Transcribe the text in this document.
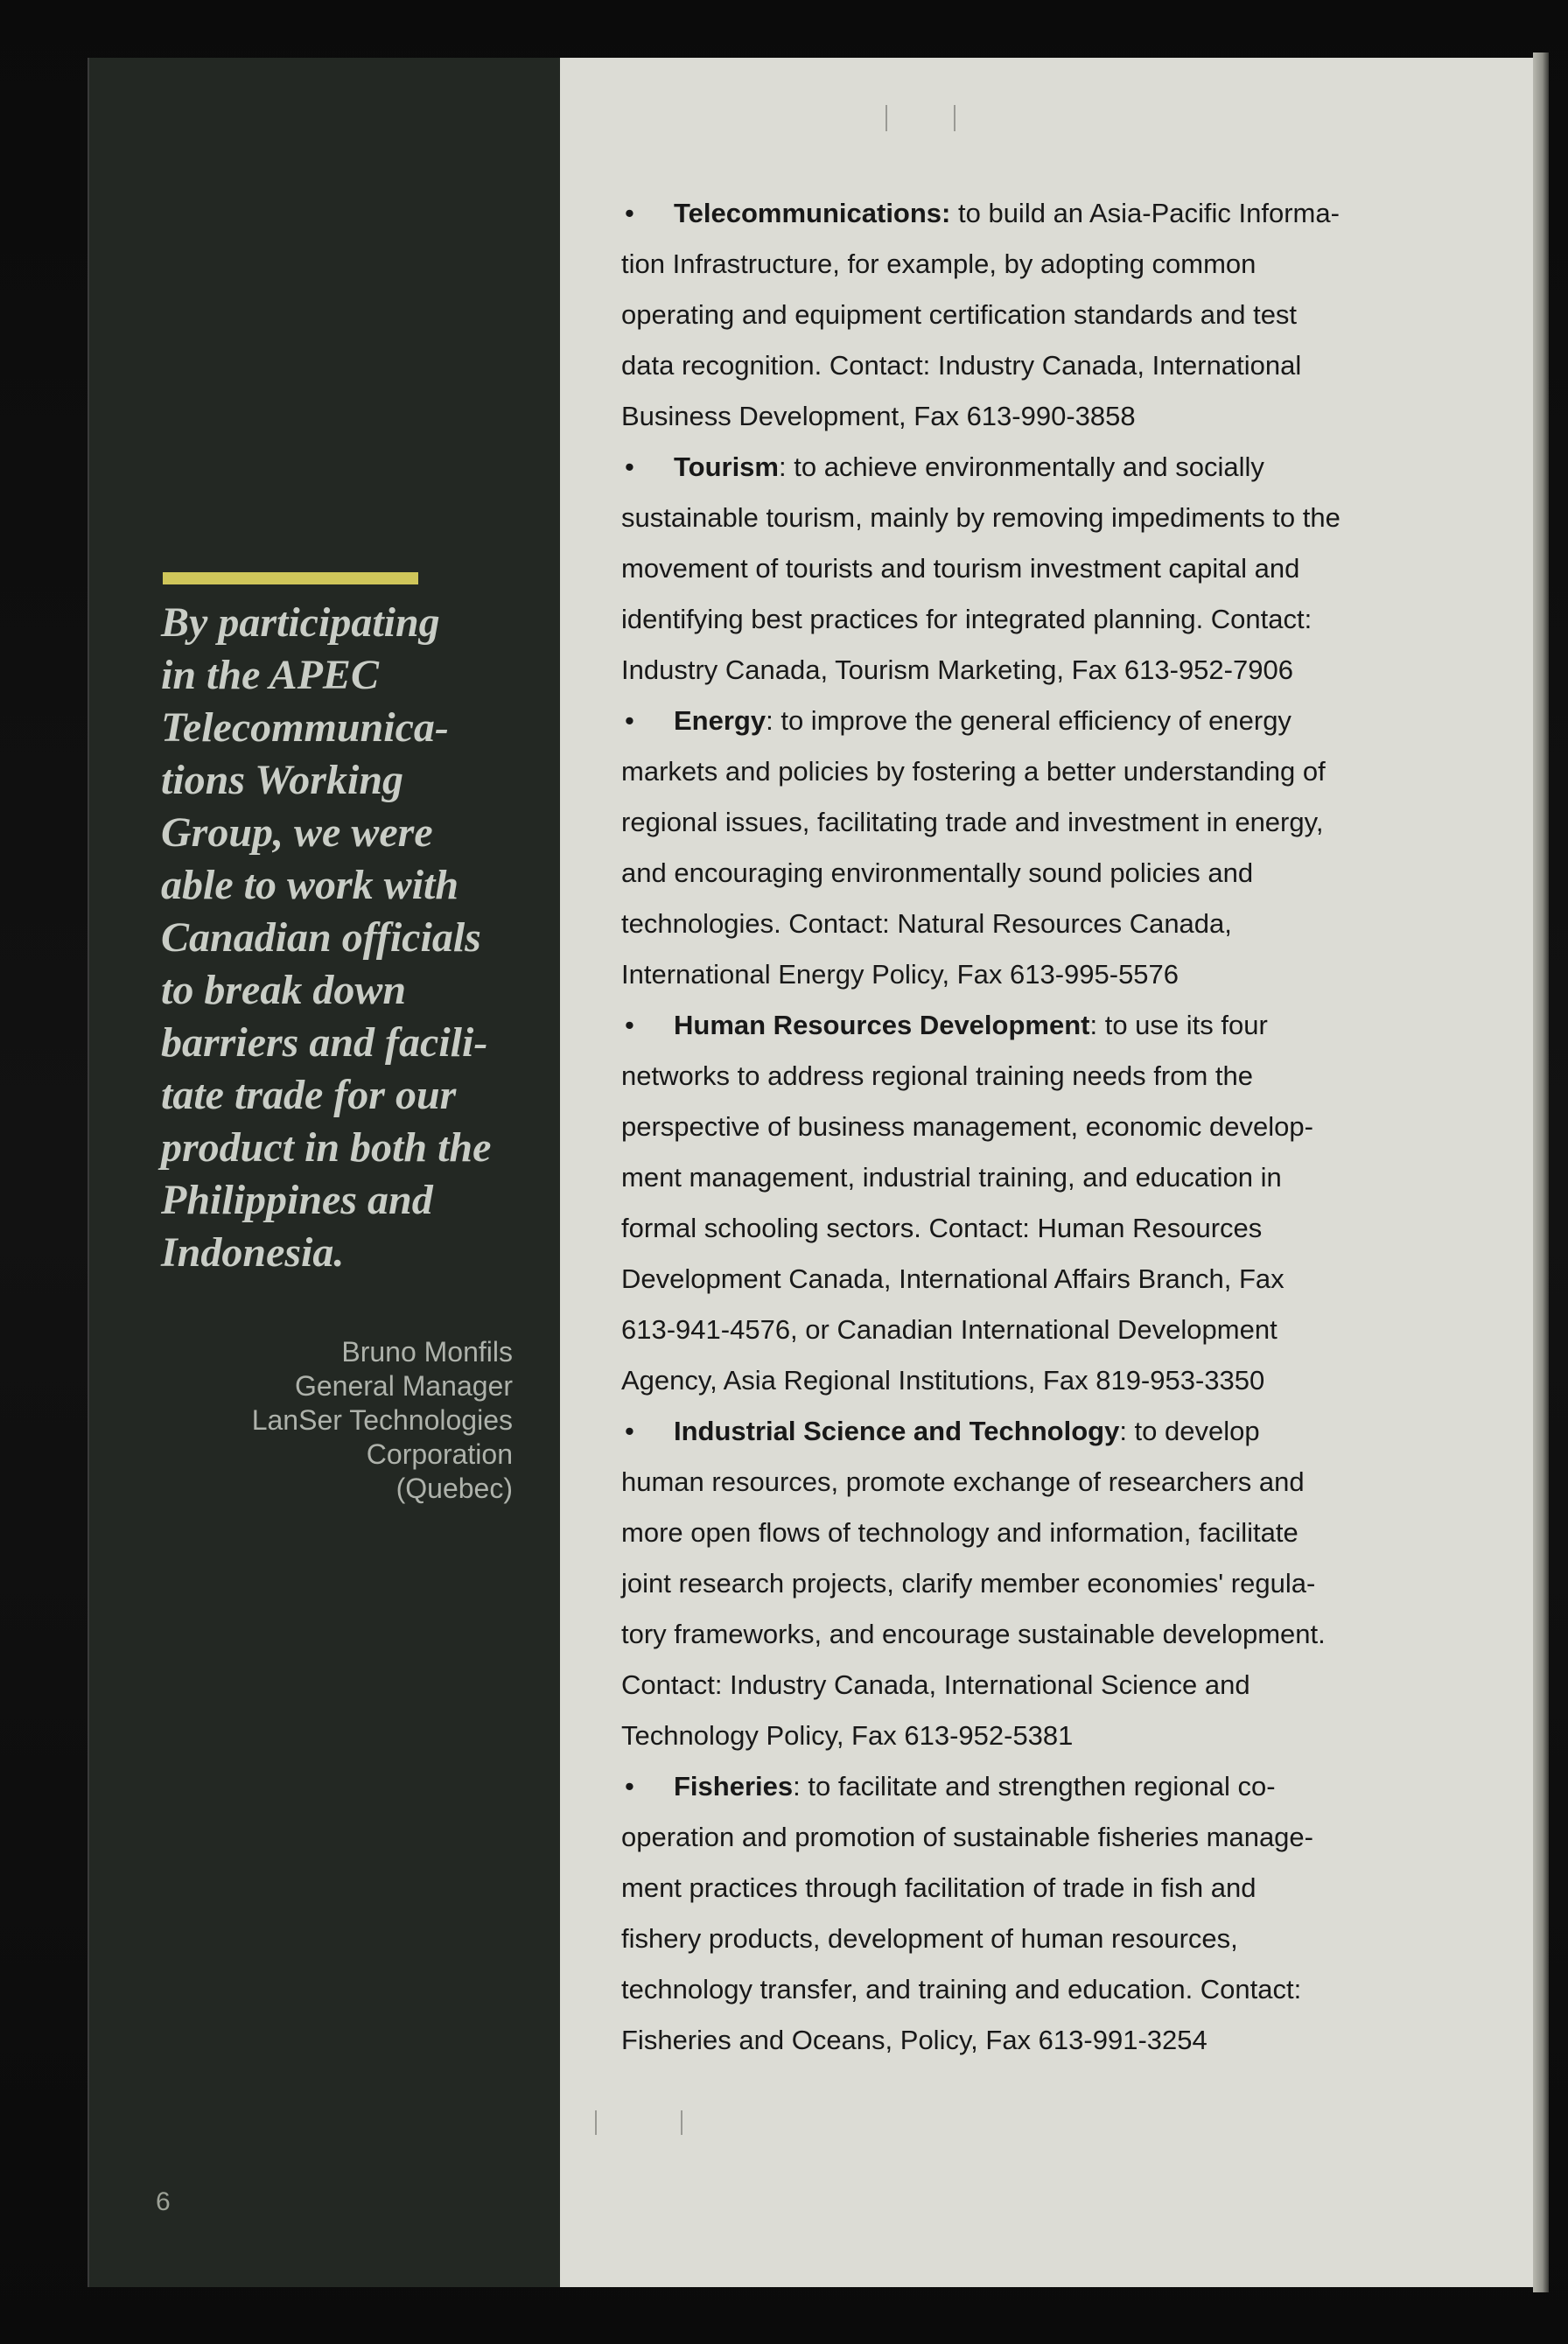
By participating
in the APEC
Telecommunica-
tions Working
Group, we were
able to work with
Canadian officials
to break down
barriers and facili-
tate trade for our
product in both the
Philippines and
Indonesia.
Bruno Monfils
General Manager
LanSer Technologies
Corporation
(Quebec)
6
• Telecommunications: to build an Asia-Pacific Informa-
tion Infrastructure, for example, by adopting common
operating and equipment certification standards and test
data recognition. Contact: Industry Canada, International
Business Development, Fax 613-990-3858
• Tourism: to achieve environmentally and socially
sustainable tourism, mainly by removing impediments to the
movement of tourists and tourism investment capital and
identifying best practices for integrated planning. Contact:
Industry Canada, Tourism Marketing, Fax 613-952-7906
• Energy: to improve the general efficiency of energy
markets and policies by fostering a better understanding of
regional issues, facilitating trade and investment in energy,
and encouraging environmentally sound policies and
technologies. Contact: Natural Resources Canada,
International Energy Policy, Fax 613-995-5576
• Human Resources Development: to use its four
networks to address regional training needs from the
perspective of business management, economic develop-
ment management, industrial training, and education in
formal schooling sectors. Contact: Human Resources
Development Canada, International Affairs Branch, Fax
613-941-4576, or Canadian International Development
Agency, Asia Regional Institutions, Fax 819-953-3350
• Industrial Science and Technology: to develop
human resources, promote exchange of researchers and
more open flows of technology and information, facilitate
joint research projects, clarify member economies' regula-
tory frameworks, and encourage sustainable development.
Contact: Industry Canada, International Science and
Technology Policy, Fax 613-952-5381
• Fisheries: to facilitate and strengthen regional co-
operation and promotion of sustainable fisheries manage-
ment practices through facilitation of trade in fish and
fishery products, development of human resources,
technology transfer, and training and education. Contact:
Fisheries and Oceans, Policy, Fax 613-991-3254
